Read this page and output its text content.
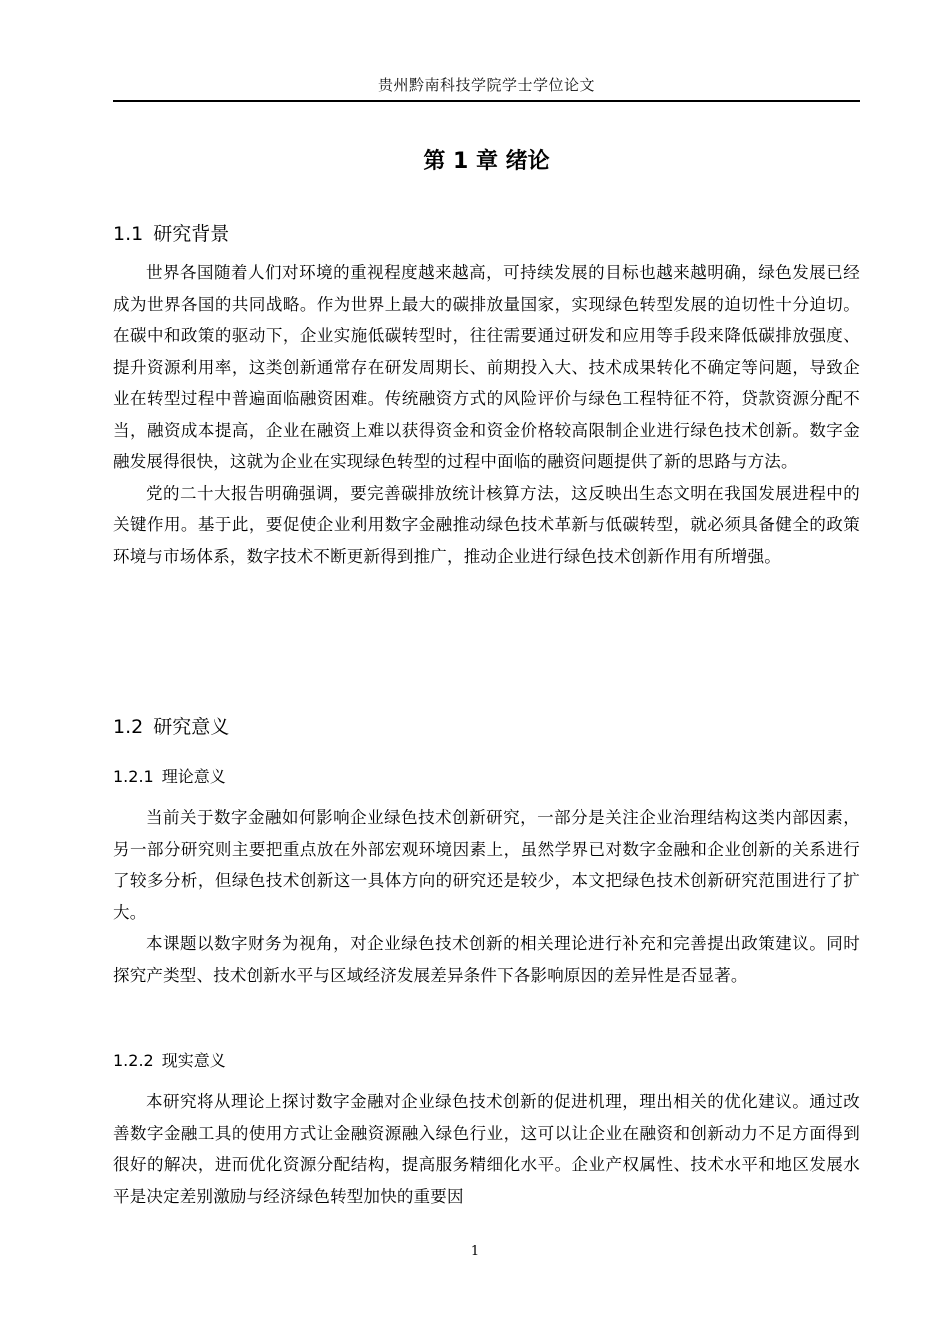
贵州黔南科技学院学士学位论文
第 1 章 绪论
1.1 研究背景

世界各国随着人们对环境的重视程度越来越高，可持续发展的目标也越来越明确，绿色发展已经成为世界各国的共同战略。作为世界上最大的碳排放量国家，实现绿色转型发展的迫切性十分迫切。在碳中和政策的驱动下，企业实施低碳转型时，往往需要通过研发和应用等手段来降低碳排放强度、提升资源利用率，这类创新通常存在研发周期长、前期投入大、技术成果转化不确定等问题，导致企业在转型过程中普遍面临融资困难。传统融资方式的风险评价与绿色工程特征不符，贷款资源分配不当，融资成本提高，企业在融资上难以获得资金和资金价格较高限制企业进行绿色技术创新。数字金融发展得很快，这就为企业在实现绿色转型的过程中面临的融资问题提供了新的思路与方法。

党的二十大报告明确强调，要完善碳排放统计核算方法，这反映出生态文明在我国发展进程中的关键作用。基于此，要促使企业利用数字金融推动绿色技术革新与低碳转型，就必须具备健全的政策环境与市场体系，数字技术不断更新得到推广，推动企业进行绿色技术创新作用有所增强。

1.2 研究意义
1.2.1 理论意义

当前关于数字金融如何影响企业绿色技术创新研究，一部分是关注企业治理结构这类内部因素，另一部分研究则主要把重点放在外部宏观环境因素上，虽然学界已对数字金融和企业创新的关系进行了较多分析，但绿色技术创新这一具体方向的研究还是较少，本文把绿色技术创新研究范围进行了扩大。

本课题以数字财务为视角，对企业绿色技术创新的相关理论进行补充和完善提出政策建议。同时探究产类型、技术创新水平与区域经济发展差异条件下各影响原因的差异性是否显著。

1.2.2 现实意义

本研究将从理论上探讨数字金融对企业绿色技术创新的促进机理，理出相关的优化建议。通过改善数字金融工具的使用方式让金融资源融入绿色行业，这可以让企业在融资和创新动力不足方面得到很好的解决，进而优化资源分配结构，提高服务精细化水平。企业产权属性、技术水平和地区发展水平是决定差别激励与经济绿色转型加快的重要因

1
